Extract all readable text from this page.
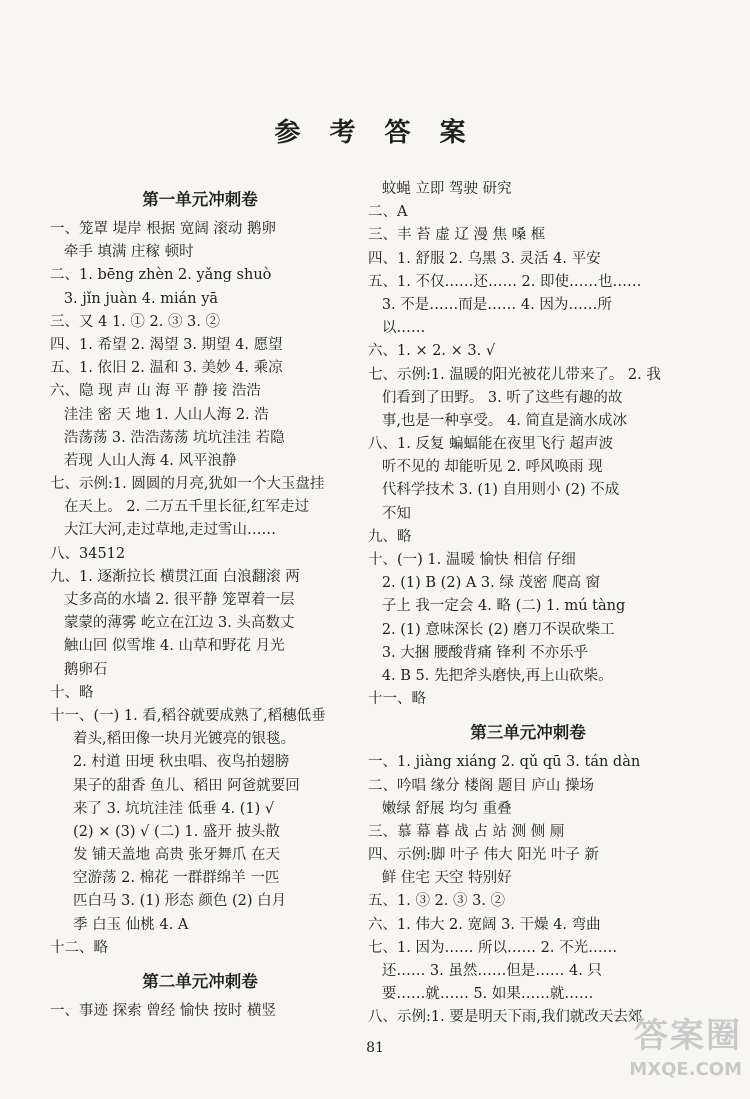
参 考 答 案
第一单元冲刺卷
一、笼罩 堤岸 根据 宽阔 滚动 鹅卵
牵手 填满 庄稼 顿时
二、1. bēng zhèn 2. yǎng shuò
3. jǐn juàn 4. mián yā
三、又 4 1. ① 2. ③ 3. ②
四、1. 希望 2. 渴望 3. 期望 4. 愿望
五、1. 依旧 2. 温和 3. 美妙 4. 乘凉
六、隐 现 声 山 海 平 静 接 浩浩
洼洼 密 天 地 1. 人山人海 2. 浩
浩荡荡 3. 浩浩荡荡 坑坑洼洼 若隐
若现 人山人海 4. 风平浪静
七、示例:1. 圆圆的月亮,犹如一个大玉盘挂
在天上。 2. 二万五千里长征,红军走过
大江大河,走过草地,走过雪山……
八、34512
九、1. 逐渐拉长 横贯江面 白浪翻滚 两
丈多高的水墙 2. 很平静 笼罩着一层
蒙蒙的薄雾 屹立在江边 3. 头高数丈
触山回 似雪堆 4. 山草和野花 月光
鹅卵石
十、略
十一、(一) 1. 看,稻谷就要成熟了,稻穗低垂
着头,稻田像一块月光镀亮的银毯。
2. 村道 田埂 秋虫唱、夜鸟拍翅膀
果子的甜香 鱼儿、稻田 阿爸就要回
来了 3. 坑坑洼洼 低垂 4. (1) √
(2) × (3) √ (二) 1. 盛开 披头散
发 铺天盖地 高贵 张牙舞爪 在天
空游荡 2. 棉花 一群群绵羊 一匹
匹白马 3. (1) 形态 颜色 (2) 白月
季 白玉 仙桃 4. A
十二、略
第二单元冲刺卷
一、事迹 探索 曾经 愉快 按时 横竖
蚊蝇 立即 驾驶 研究
二、A
三、丰 苔 虚 辽 漫 焦 嗓 框
四、1. 舒服 2. 乌黑 3. 灵活 4. 平安
五、1. 不仅……还…… 2. 即使……也……
3. 不是……而是…… 4. 因为……所
以……
六、1. × 2. × 3. √
七、示例:1. 温暖的阳光被花儿带来了。 2. 我
们看到了田野。 3. 听了这些有趣的故
事,也是一种享受。 4. 简直是滴水成冰
八、1. 反复 蝙蝠能在夜里飞行 超声波
听不见的 却能听见 2. 呼风唤雨 现
代科学技术 3. (1) 自用则小 (2) 不成
不知
九、略
十、(一) 1. 温暖 愉快 相信 仔细
2. (1) B (2) A 3. 绿 茂密 爬高 窗
子上 我一定会 4. 略 (二) 1. mú tàng
2. (1) 意味深长 (2) 磨刀不误砍柴工
3. 大捆 腰酸背痛 锋利 不亦乐乎
4. B 5. 先把斧头磨快,再上山砍柴。
十一、略
第三单元冲刺卷
一、1. jiàng xiáng 2. qǔ qū 3. tán dàn
二、吟唱 缘分 楼阁 题目 庐山 操场
嫩绿 舒展 均匀 重叠
三、慕 幕 暮 战 占 站 测 侧 厕
四、示例:脚 叶子 伟大 阳光 叶子 新
鲜 住宅 天空 特别好
五、1. ③ 2. ③ 3. ②
六、1. 伟大 2. 宽阔 3. 干燥 4. 弯曲
七、1. 因为…… 所以…… 2. 不光……
还…… 3. 虽然……但是…… 4. 只
要……就…… 5. 如果……就……
八、示例:1. 要是明天下雨,我们就改天去郊
81	答案圈
MXQE.COM
